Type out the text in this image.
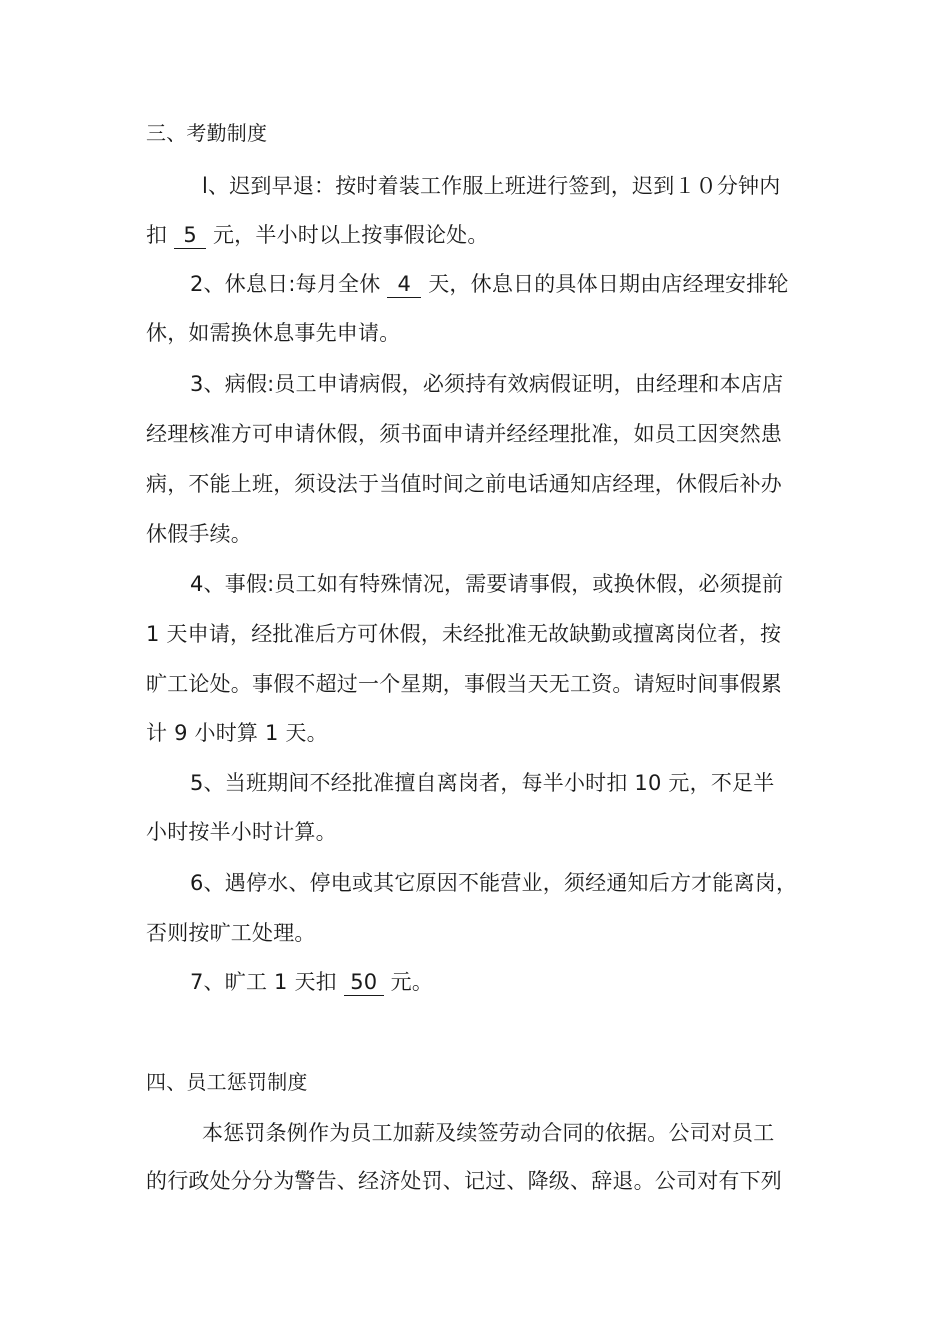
三、考勤制度
l、迟到早退：按时着装工作服上班进行签到，迟到１０分钟内
扣 5 元，半小时以上按事假论处。
2、休息日:每月全休 4 天，休息日的具体日期由店经理安排轮
休，如需换休息事先申请。
3、病假:员工申请病假，必须持有效病假证明，由经理和本店店
经理核准方可申请休假，须书面申请并经经理批准，如员工因突然患
病，不能上班，须设法于当值时间之前电话通知店经理，休假后补办
休假手续。
4、事假:员工如有特殊情况，需要请事假，或换休假，必须提前
1 天申请，经批准后方可休假，未经批准无故缺勤或擅离岗位者，按
旷工论处。事假不超过一个星期，事假当天无工资。请短时间事假累
计 9 小时算 1 天。
5、当班期间不经批准擅自离岗者，每半小时扣 10 元，不足半
小时按半小时计算。
6、遇停水、停电或其它原因不能营业，须经通知后方才能离岗，
否则按旷工处理。
7、旷工 1 天扣 50 元。
四、员工惩罚制度
本惩罚条例作为员工加薪及续签劳动合同的依据。公司对员工
的行政处分分为警告、经济处罚、记过、降级、辞退。公司对有下列
